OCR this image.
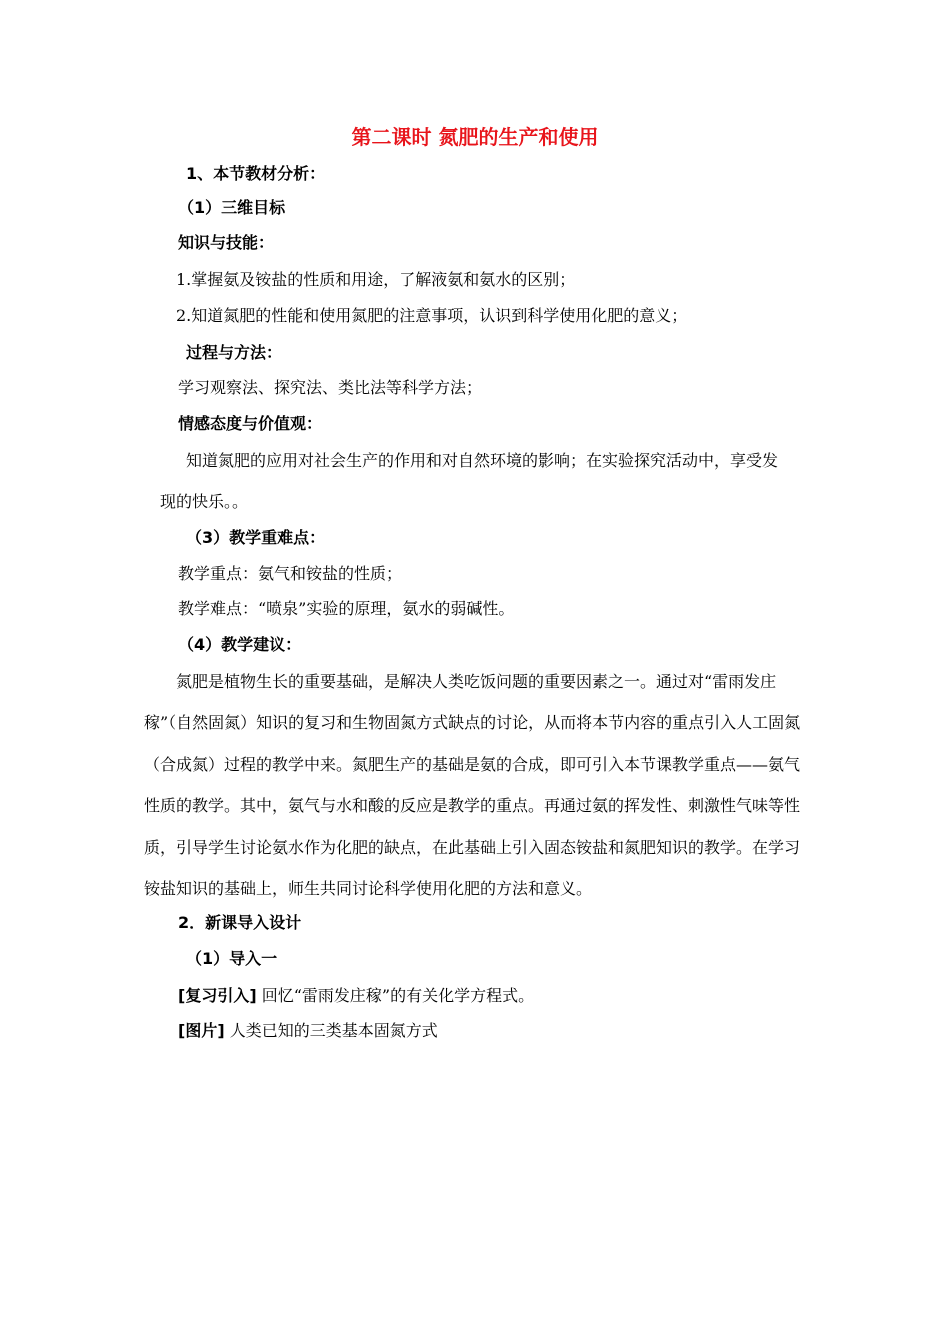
第二课时 氮肥的生产和使用
1、本节教材分析：
（1）三维目标
知识与技能：
1.掌握氨及铵盐的性质和用途，了解液氨和氨水的区别；
2.知道氮肥的性能和使用氮肥的注意事项，认识到科学使用化肥的意义；
过程与方法：
学习观察法、探究法、类比法等科学方法；
情感态度与价值观：
知道氮肥的应用对社会生产的作用和对自然环境的影响；在实验探究活动中，享受发
现的快乐。。
（3）教学重难点：
教学重点：氨气和铵盐的性质；
教学难点：“喷泉”实验的原理，氨水的弱碱性。
（4）教学建议：
氮肥是植物生长的重要基础，是解决人类吃饭问题的重要因素之一。通过对“雷雨发庄稼”（自然固氮）知识的复习和生物固氮方式缺点的讨论，从而将本节内容的重点引入人工固氮（合成氮）过程的教学中来。氮肥生产的基础是氨的合成，即可引入本节课教学重点——氨气性质的教学。其中，氨气与水和酸的反应是教学的重点。再通过氨的挥发性、刺激性气味等性质，引导学生讨论氨水作为化肥的缺点，在此基础上引入固态铵盐和氮肥知识的教学。在学习铵盐知识的基础上，师生共同讨论科学使用化肥的方法和意义。
2．新课导入设计
（1）导入一
[复习引入] 回忆“雷雨发庄稼”的有关化学方程式。
[图片] 人类已知的三类基本固氮方式
